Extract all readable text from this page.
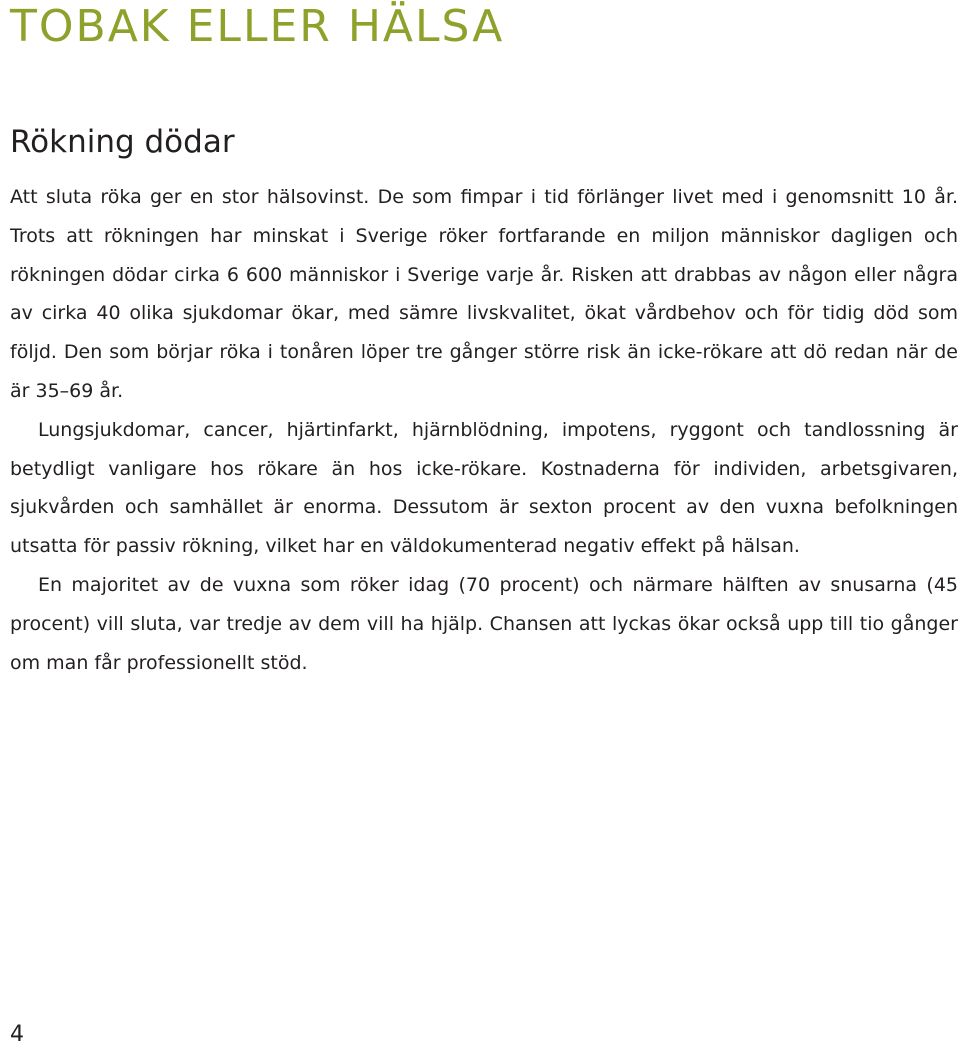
TOBAK ELLER HÄLSA
Rökning dödar

Att sluta röka ger en stor hälsovinst. De som fimpar i tid förlänger livet med i genomsnitt 10 år. Trots att rökningen har minskat i Sverige röker fortfarande en miljon människor dagligen och rökningen dödar cirka 6 600 människor i Sverige varje år. Risken att drabbas av någon eller några av cirka 40 olika sjukdomar ökar, med sämre livskvalitet, ökat vårdbehov och för tidig död som följd. Den som börjar röka i tonåren löper tre gånger större risk än icke-rökare att dö redan när de är 35–69 år.

Lungsjukdomar, cancer, hjärtinfarkt, hjärnblödning, impotens, ryggont och tandlossning är betydligt vanligare hos rökare än hos icke-rökare. Kostnaderna för individen, arbetsgivaren, sjukvården och samhället är enorma. Dessutom är sexton procent av den vuxna befolkningen utsatta för passiv rökning, vilket har en väldokumenterad negativ effekt på hälsan.

En majoritet av de vuxna som röker idag (70 procent) och närmare hälften av snusarna (45 procent) vill sluta, var tredje av dem vill ha hjälp. Chansen att lyckas ökar också upp till tio gånger om man får professionellt stöd.

4
